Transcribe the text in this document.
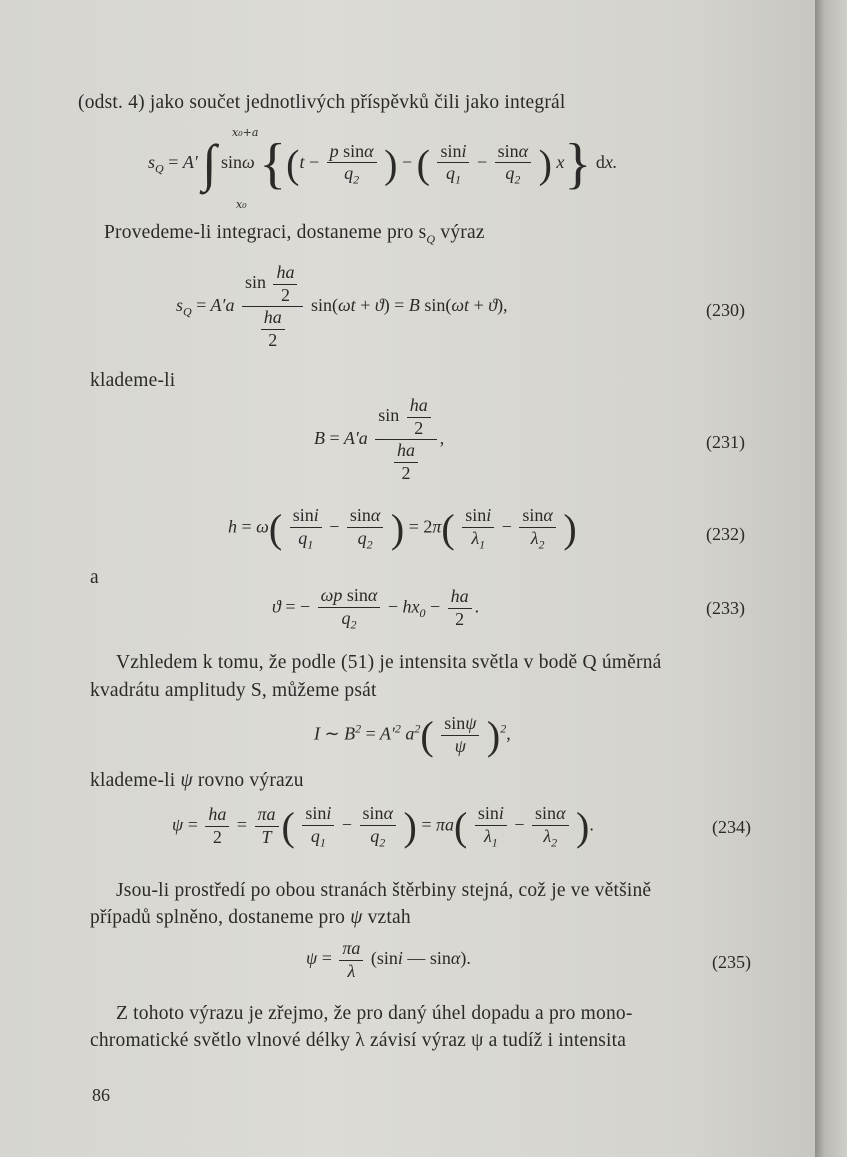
(odst. 4) jako součet jednotlivých příspěvků čili jako integrál
$s_Q = A'$ ∫ sinω {($t - \frac{\text{p sinα}}{q_2}$ ) − ( $\frac{\sin i}{q_1} - \frac{\sin\alpha}{q_2}$ ) x} dx.
x₀+a
x₀
Provedeme-li integraci, dostaneme pro $s_Q$ výraz
$s_Q = A'a \frac{\sin \frac{ha}{2}}{\frac{ha}{2}} \sin(\omega t + ϑ) = B$ sin(ωt + ϑ),	(230)
klademe-li
$B = A'a \frac{\sin \frac{ha}{2}}{\frac{ha}{2}}$ ,	(231)
$h = \omega( \frac{\sin i}{q_1} - \frac{\sin\alpha}{q_2}$ ) = $2\pi( \frac{\sin i}{\lambda_1} - \frac{\sin\alpha}{\lambda_2}$ )	(232)
a
ϑ = − $\frac{\text{ωp sinα}}{q_2} - hx_0 - \frac{ha}{2}$ .	(233)
Vzhledem k tomu, že podle (51) je intensita světla v bodě Q úměrná
kvadrátu amplitudy S, můžeme psát
I ∼ $B^2 = A'^2$ $a^2( \frac{\sin\psi}{\psi} )^2$,
klademe-li ψ rovno výrazu
$\psi = \frac{ha}{2} = \frac{\pi a}{T}$ ( $\frac{\sin i}{q_1} - \frac{\sin\alpha}{q_2}$ ) = $\pi a( \frac{\sin i}{\lambda_1} - \frac{\sin\alpha}{\lambda_2}$ ).	(234)
Jsou-li prostředí po obou stranách štěrbiny stejná, což je ve většině
případů splněno, dostaneme pro ψ vztah
$\psi = \frac{\pi a}{\lambda} (\sin i$ — sinα).	(235)
Z tohoto výrazu je zřejmo, že pro daný úhel dopadu a pro mono-
chromatické světlo vlnové délky λ závisí výraz ψ a tudíž i intensita
86
